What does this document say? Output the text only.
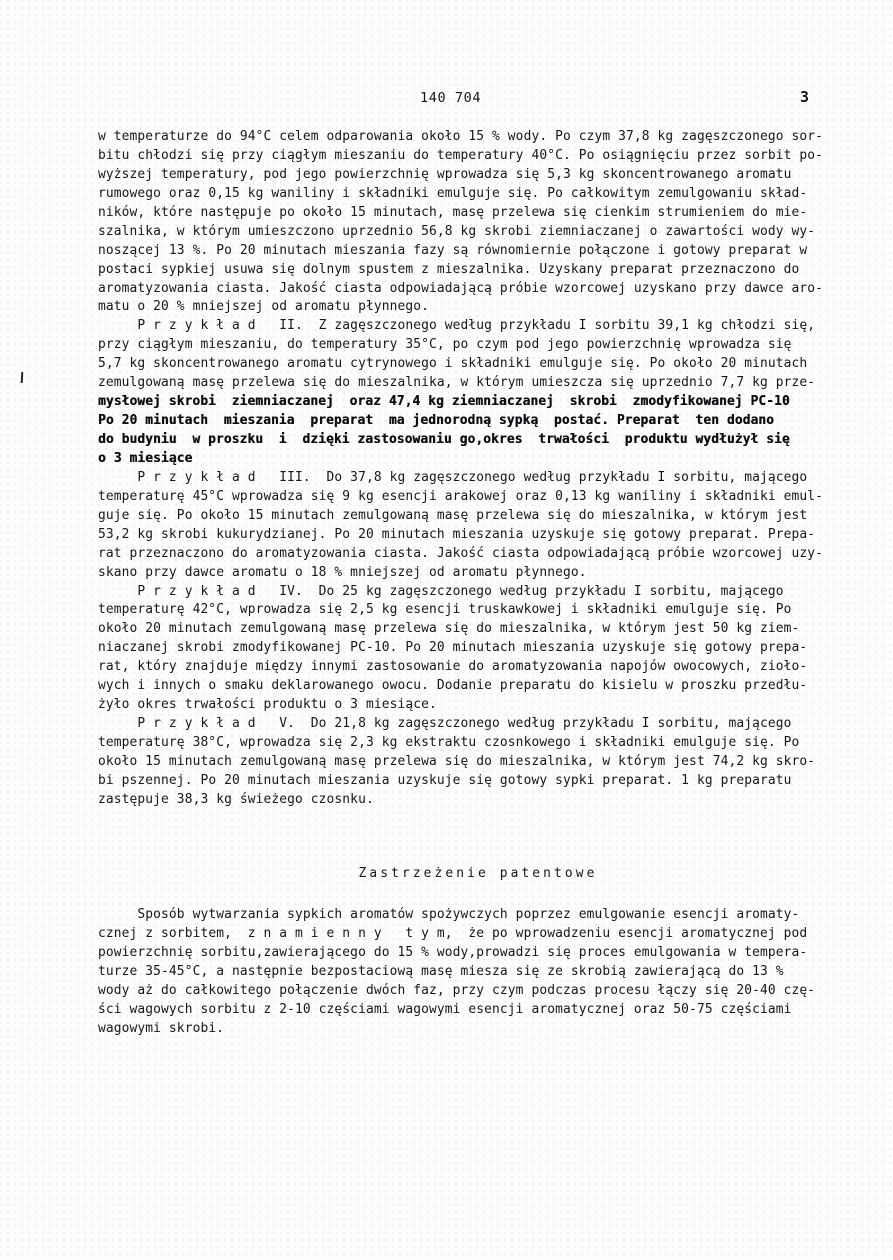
140 704	3
w temperaturze do 94°C celem odparowania około 15 % wody. Po czym 37,8 kg zagęszczonego sor-
bitu chłodzi się przy ciągłym mieszaniu do temperatury 40°C. Po osiągnięciu przez sorbit po-
wyższej temperatury, pod jego powierzchnię wprowadza się 5,3 kg skoncentrowanego aromatu
rumowego oraz 0,15 kg waniliny i składniki emulguje się. Po całkowitym zemulgowaniu skład-
ników, które następuje po około 15 minutach, masę przelewa się cienkim strumieniem do mie-
szalnika, w którym umieszczono uprzednio 56,8 kg skrobi ziemniaczanej o zawartości wody wy-
noszącej 13 %. Po 20 minutach mieszania fazy są równomiernie połączone i gotowy preparat w
postaci sypkiej usuwa się dolnym spustem z mieszalnika. Uzyskany preparat przeznaczono do
aromatyzowania ciasta. Jakość ciasta odpowiadającą próbie wzorcowej uzyskano przy dawce aro-
matu o 20 % mniejszej od aromatu płynnego.
P r z y k ł a d   II.  Z zagęszczonego według przykładu I sorbitu 39,1 kg chłodzi się,
przy ciągłym mieszaniu, do temperatury 35°C, po czym pod jego powierzchnię wprowadza się
5,7 kg skoncentrowanego aromatu cytrynowego i składniki emulguje się. Po około 20 minutach
zemulgowaną masę przelewa się do mieszalnika, w którym umieszcza się uprzednio 7,7 kg prze-
mysłowej skrobi  ziemniaczanej  oraz 47,4 kg ziemniaczanej  skrobi  zmodyfikowanej PC-10
Po 20 minutach  mieszania  preparat  ma jednorodną sypką  postać. Preparat  ten dodano
do budyniu  w proszku  i  dzięki zastosowaniu go,okres  trwałości  produktu wydłużył się
o 3 miesiące
P r z y k ł a d   III.  Do 37,8 kg zagęszczonego według przykładu I sorbitu, mającego
temperaturę 45°C wprowadza się 9 kg esencji arakowej oraz 0,13 kg waniliny i składniki emul-
guje się. Po około 15 minutach zemulgowaną masę przelewa się do mieszalnika, w którym jest
53,2 kg skrobi kukurydzianej. Po 20 minutach mieszania uzyskuje się gotowy preparat. Prepa-
rat przeznaczono do aromatyzowania ciasta. Jakość ciasta odpowiadającą próbie wzorcowej uzy-
skano przy dawce aromatu o 18 % mniejszej od aromatu płynnego.
P r z y k ł a d   IV.  Do 25 kg zagęszczonego według przykładu I sorbitu, mającego
temperaturę 42°C, wprowadza się 2,5 kg esencji truskawkowej i składniki emulguje się. Po
około 20 minutach zemulgowaną masę przelewa się do mieszalnika, w którym jest 50 kg ziem-
niaczanej skrobi zmodyfikowanej PC-10. Po 20 minutach mieszania uzyskuje się gotowy prepa-
rat, który znajduje między innymi zastosowanie do aromatyzowania napojów owocowych, zioło-
wych i innych o smaku deklarowanego owocu. Dodanie preparatu do kisielu w proszku przedłu-
żyło okres trwałości produktu o 3 miesiące.
P r z y k ł a d   V.  Do 21,8 kg zagęszczonego według przykładu I sorbitu, mającego
temperaturę 38°C, wprowadza się 2,3 kg ekstraktu czosnkowego i składniki emulguje się. Po
około 15 minutach zemulgowaną masę przelewa się do mieszalnika, w którym jest 74,2 kg skro-
bi pszennej. Po 20 minutach mieszania uzyskuje się gotowy sypki preparat. 1 kg preparatu
zastępuje 38,3 kg świeżego czosnku.
Zastrzeżenie patentowe
Sposób wytwarzania sypkich aromatów spożywczych poprzez emulgowanie esencji aromaty-
cznej z sorbitem,  z n a m i e n n y   t y m,  że po wprowadzeniu esencji aromatycznej pod
powierzchnię sorbitu,zawierającego do 15 % wody,prowadzi się proces emulgowania w tempera-
turze 35-45°C, a następnie bezpostaciową masę miesza się ze skrobią zawierającą do 13 %
wody aż do całkowitego połączenie dwóch faz, przy czym podczas procesu łączy się 20-40 czę-
ści wagowych sorbitu z 2-10 częściami wagowymi esencji aromatycznej oraz 50-75 częściami
wagowymi skrobi.
